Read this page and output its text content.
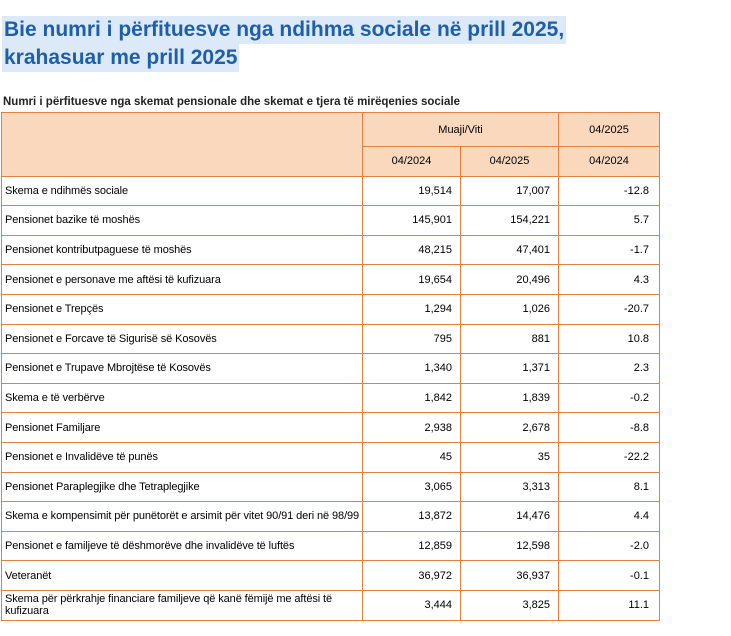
Bie numri i përfituesve nga ndihma sociale në prill 2025,
krahasuar me prill 2025
Numri i përfituesve nga skemat pensionale dhe skemat e tjera të mirëqenies sociale
	Muaji/Viti		04/2025
	04/2024	04/2025	04/2024
Skema e ndihmës sociale	19,514	17,007	-12.8
Pensionet bazike të moshës	145,901	154,221	5.7
Pensionet kontributpaguese të moshës	48,215	47,401	-1.7
Pensionet e personave me aftësi të kufizuara	19,654	20,496	4.3
Pensionet e Trepçës	1,294	1,026	-20.7
Pensionet e Forcave të Sigurisë së Kosovës	795	881	10.8
Pensionet e Trupave Mbrojtëse të Kosovës	1,340	1,371	2.3
Skema e të verbërve	1,842	1,839	-0.2
Pensionet Familjare	2,938	2,678	-8.8
Pensionet e Invalidëve të punës	45	35	-22.2
Pensionet Paraplegjike dhe Tetraplegjike	3,065	3,313	8.1
Skema e kompensimit për punëtorët e arsimit për vitet 90/91 deri në 98/99	13,872	14,476	4.4
Pensionet e familjeve të dëshmorëve dhe invalidëve të luftës	12,859	12,598	-2.0
Veteranët	36,972	36,937	-0.1
Skema për përkrahje financiare familjeve që kanë fëmijë me aftësi të kufizuara	3,444	3,825	11.1
